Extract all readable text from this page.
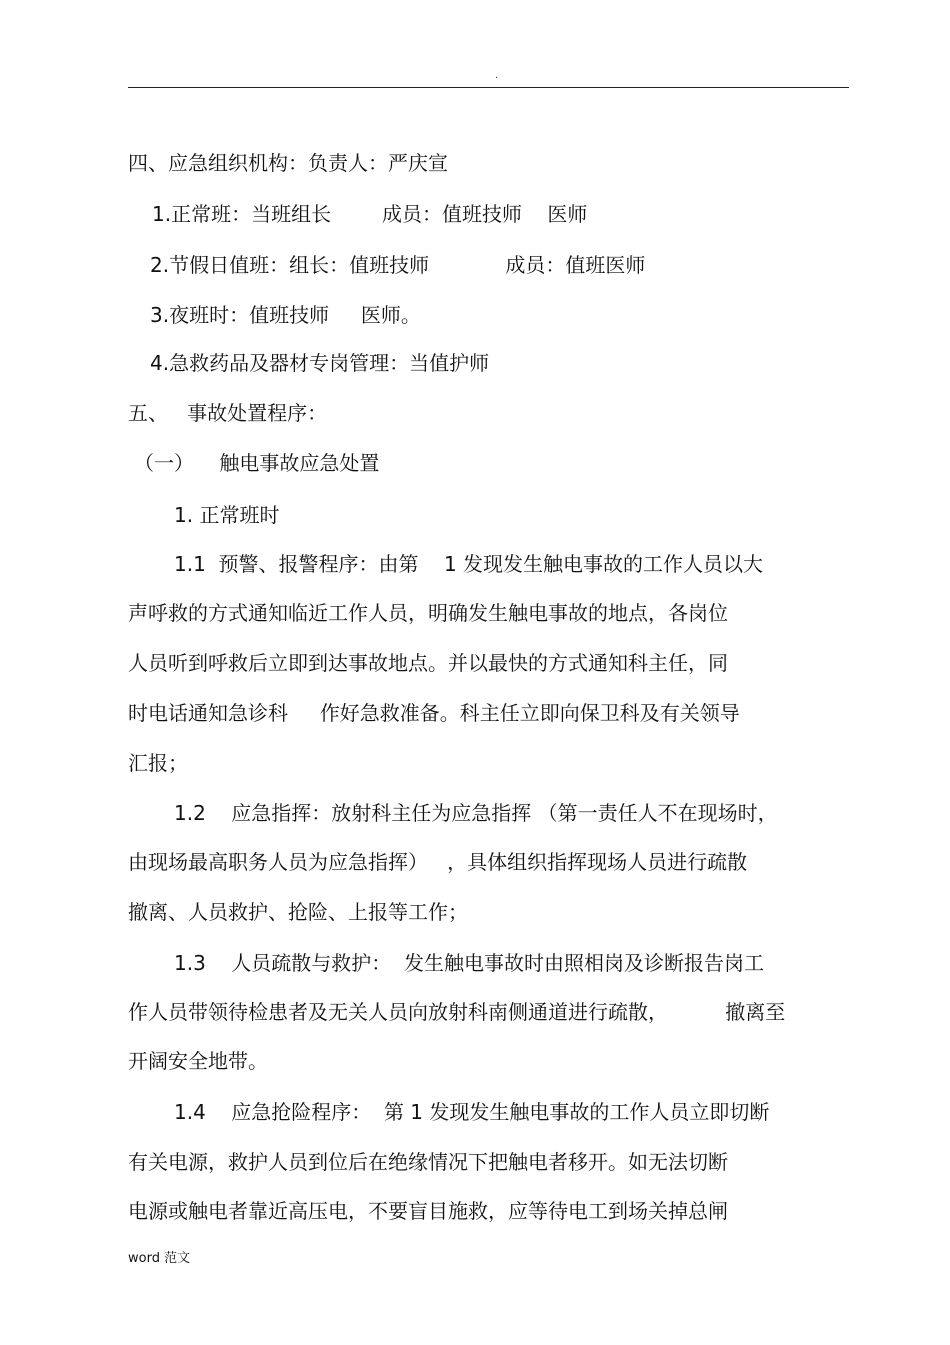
.
四、应急组织机构：负责人：严庆宣
1.正常班：当班组长        成员：值班技师    医师
2.节假日值班：组长：值班技师            成员：值班医师
3.夜班时：值班技师     医师。
4.急救药品及器材专岗管理：当值护师
五、   事故处置程序：
（一）    触电事故应急处置
1. 正常班时
1.1  预警、报警程序：由第    1 发现发生触电事故的工作人员以大
声呼救的方式通知临近工作人员，明确发生触电事故的地点，各岗位
人员听到呼救后立即到达事故地点。并以最快的方式通知科主任，同
时电话通知急诊科     作好急救准备。科主任立即向保卫科及有关领导
汇报；
1.2    应急指挥：放射科主任为应急指挥 （第一责任人不在现场时，
由现场最高职务人员为应急指挥）   ，具体组织指挥现场人员进行疏散
撤离、人员救护、抢险、上报等工作；
1.3    人员疏散与救护：  发生触电事故时由照相岗及诊断报告岗工
作人员带领待检患者及无关人员向放射科南侧通道进行疏散，         撤离至
开阔安全地带。
1.4    应急抢险程序：  第 1 发现发生触电事故的工作人员立即切断
有关电源，救护人员到位后在绝缘情况下把触电者移开。如无法切断
电源或触电者靠近高压电，不要盲目施救，应等待电工到场关掉总闸
word 范文
